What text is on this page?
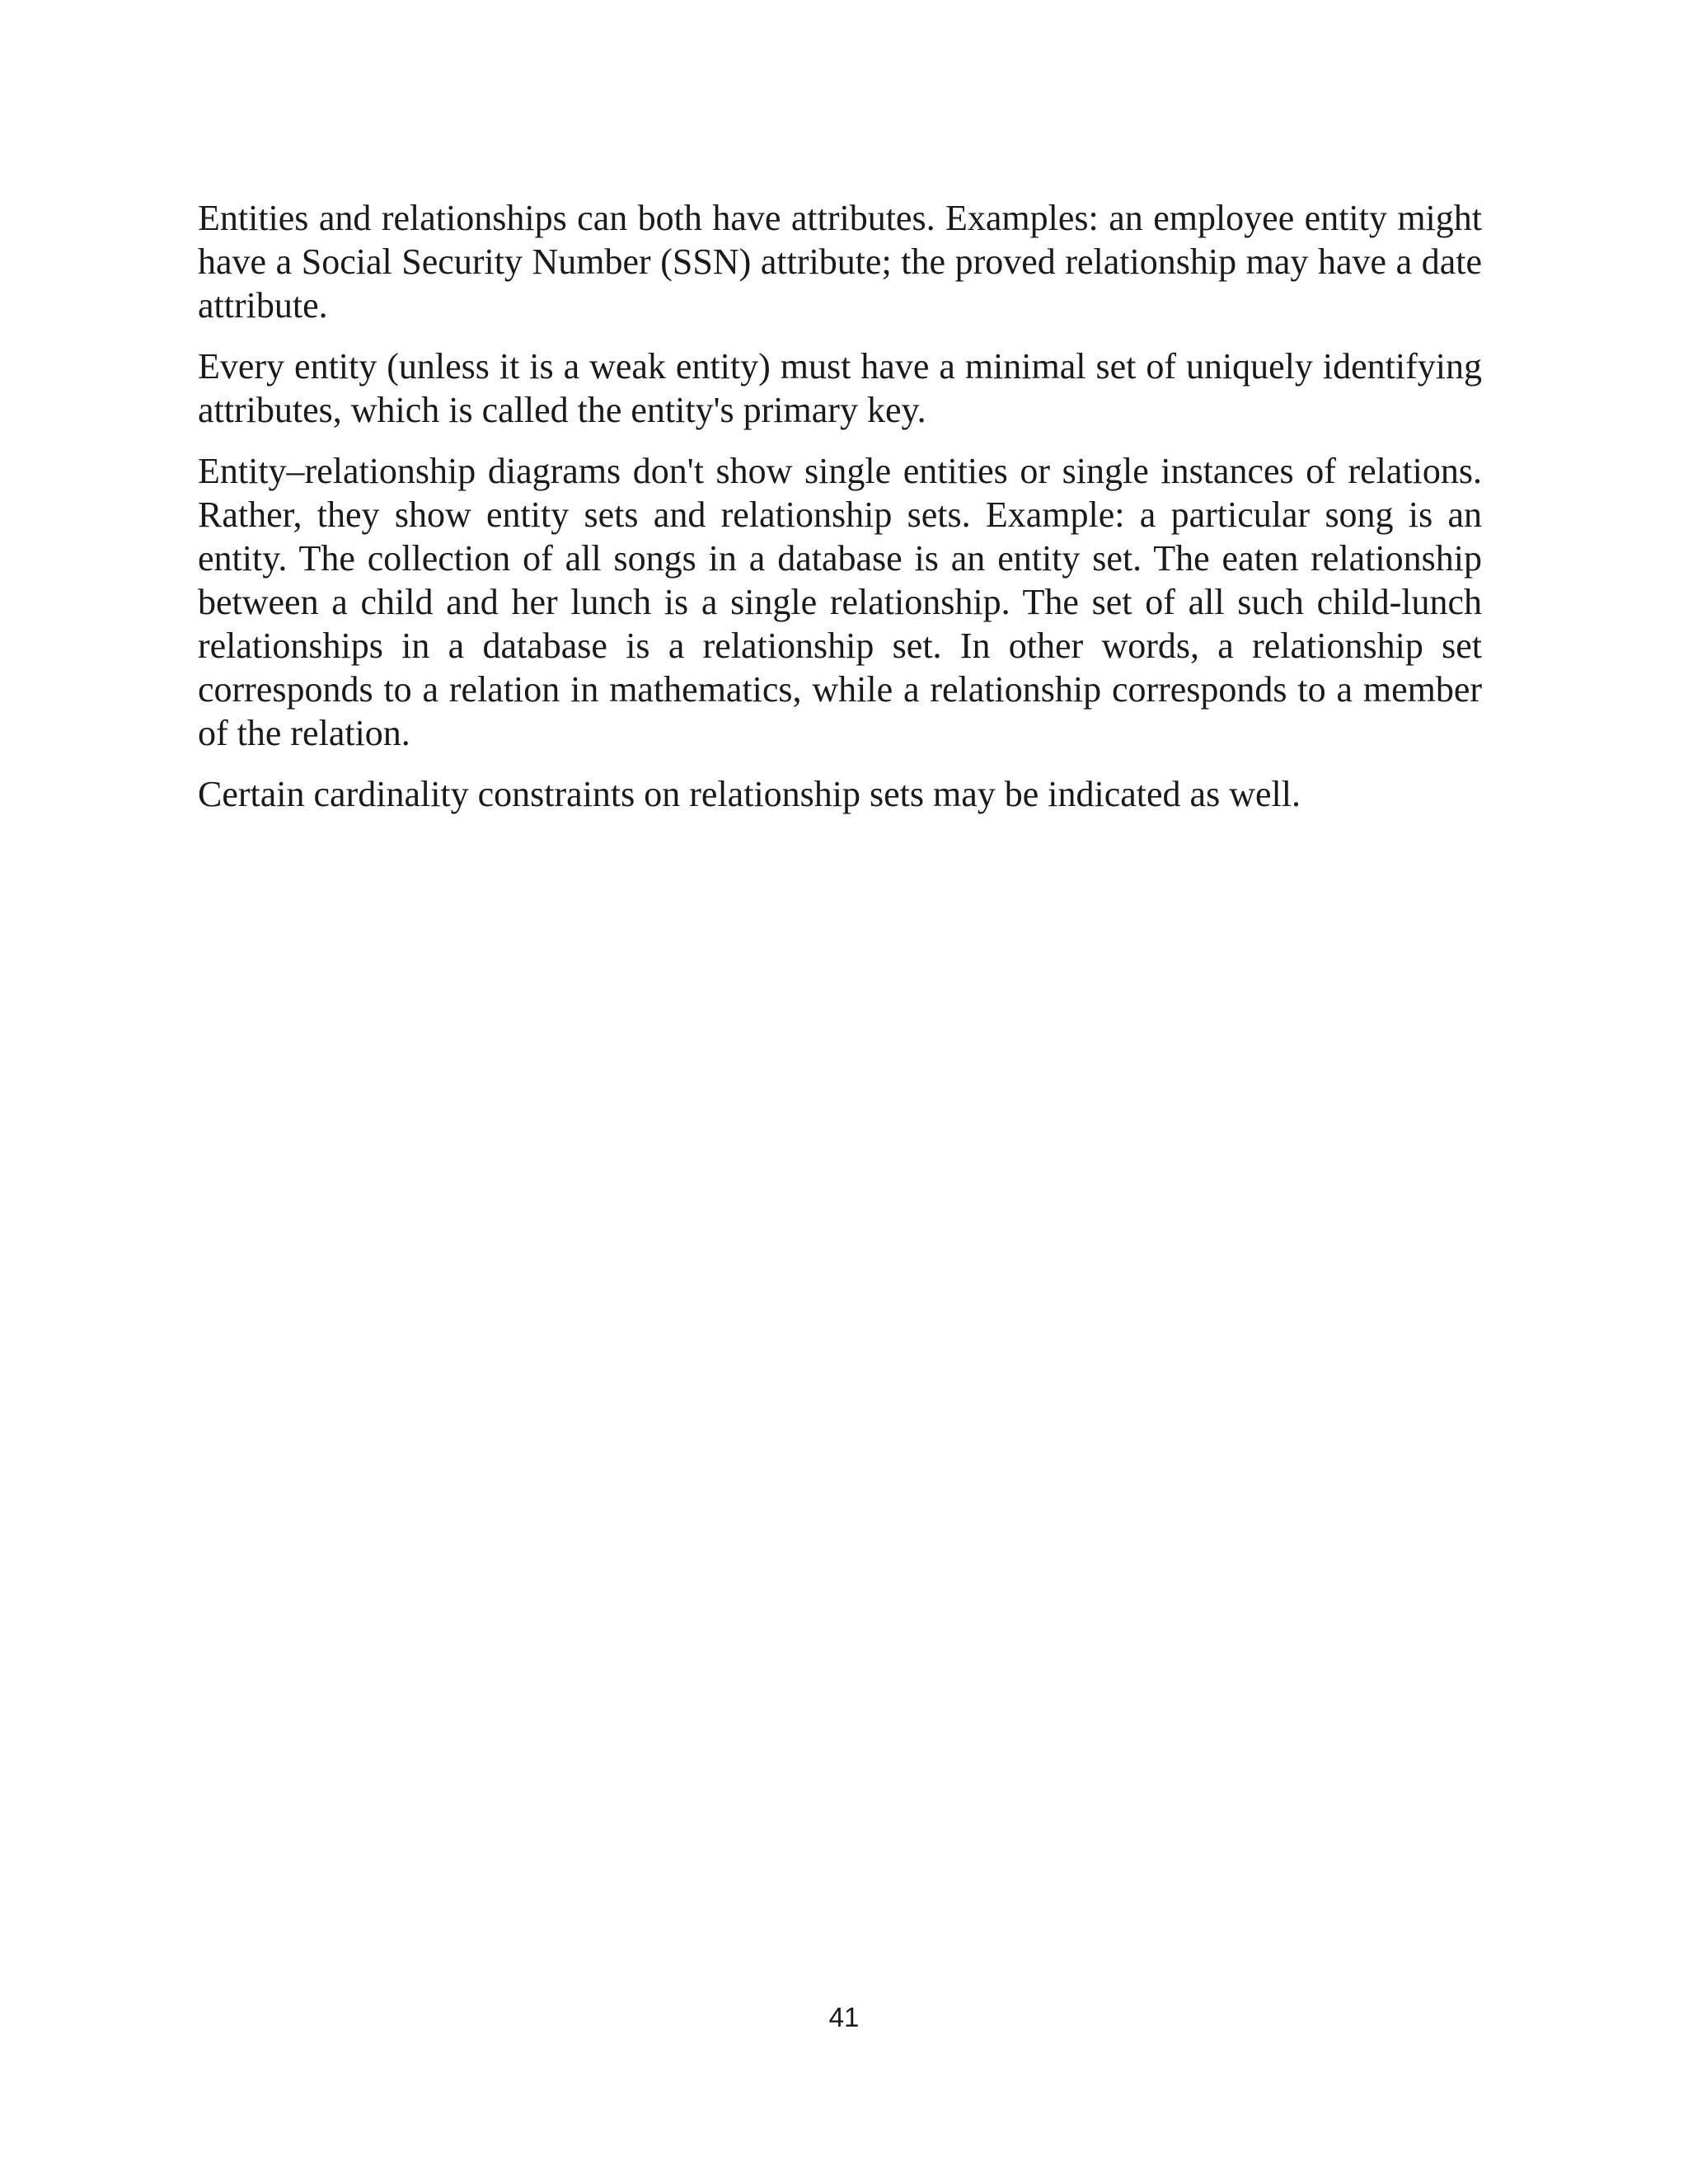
Entities and relationships can both have attributes. Examples: an employee entity might have a Social Security Number (SSN) attribute; the proved relationship may have a date attribute.

Every entity (unless it is a weak entity) must have a minimal set of uniquely identifying attributes, which is called the entity's primary key.

Entity–relationship diagrams don't show single entities or single instances of relations. Rather, they show entity sets and relationship sets. Example: a particular song is an entity. The collection of all songs in a database is an entity set. The eaten relationship between a child and her lunch is a single relationship. The set of all such child-lunch relationships in a database is a relationship set. In other words, a relationship set corresponds to a relation in mathematics, while a relationship corresponds to a member of the relation.

Certain cardinality constraints on relationship sets may be indicated as well.

41
